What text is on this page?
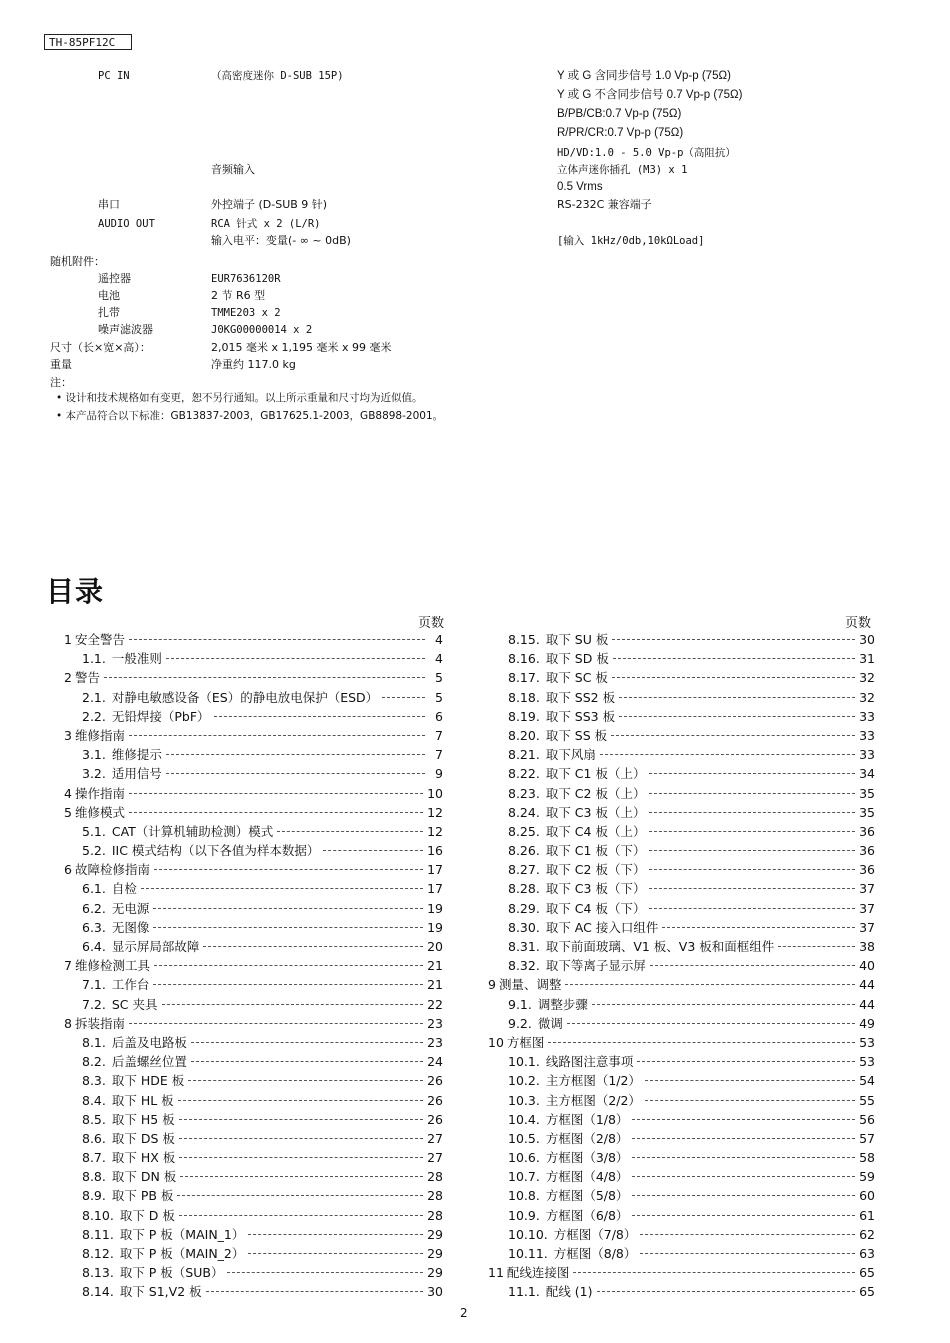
TH-85PF12C
PC IN	（高密度迷你 D-SUB 15P)	Y 或 G 含同步信号 1.0 Vp-p (75Ω)
Y 或 G 不含同步信号 0.7 Vp-p (75Ω)
B/PB/CB:0.7 Vp-p (75Ω)
R/PR/CR:0.7 Vp-p (75Ω)
HD/VD:1.0 - 5.0 Vp-p（高阻抗）
音频输入	立体声迷你插孔 (M3) x 1
0.5 Vrms
串口	外控端子 (D-SUB 9 针)	RS-232C 兼容端子
AUDIO OUT	RCA 针式 x 2 (L/R)
输入电平：变量(- ∞ ~ 0dB)	[输入 1kHz/0db,10kΩLoad]
随机附件：
遥控器	EUR7636120R
电池	2 节 R6 型
扎带	TMME203 x 2
噪声滤波器	J0KG00000014 x 2
尺寸（长×宽×高）：	2,015 毫米 x 1,195 毫米 x 99 毫米
重量	净重约 117.0 kg
注：
• 设计和技术规格如有变更，恕不另行通知。以上所示重量和尺寸均为近似值。
• 本产品符合以下标准：GB13837-2003，GB17625.1-2003，GB8898-2001。
目录
页数	页数
1 安全警告	4
1.1. 一般准则	4
2 警告	5
2.1. 对静电敏感设备（ES）的静电放电保护（ESD）	5
2.2. 无铅焊接（PbF）	6
3 维修指南	7
3.1. 维修提示	7
3.2. 适用信号	9
4 操作指南	10
5 维修模式	12
5.1. CAT（计算机辅助检测）模式	12
5.2. IIC 模式结构（以下各值为样本数据）	16
6 故障检修指南	17
6.1. 自检	17
6.2. 无电源	19
6.3. 无图像	19
6.4. 显示屏局部故障	20
7 维修检测工具	21
7.1. 工作台	21
7.2. SC 夹具	22
8 拆装指南	23
8.1. 后盖及电路板	23
8.2. 后盖螺丝位置	24
8.3. 取下 HDE 板	26
8.4. 取下 HL 板	26
8.5. 取下 H5 板	26
8.6. 取下 DS 板	27
8.7. 取下 HX 板	27
8.8. 取下 DN 板	28
8.9. 取下 PB 板	28
8.10. 取下 D 板	28
8.11. 取下 P 板（MAIN_1）	29
8.12. 取下 P 板（MAIN_2）	29
8.13. 取下 P 板（SUB）	29
8.14. 取下 S1,V2 板	30
8.15. 取下 SU 板	30
8.16. 取下 SD 板	31
8.17. 取下 SC 板	32
8.18. 取下 SS2 板	32
8.19. 取下 SS3 板	33
8.20. 取下 SS 板	33
8.21. 取下风扇	33
8.22. 取下 C1 板（上）	34
8.23. 取下 C2 板（上）	35
8.24. 取下 C3 板（上）	35
8.25. 取下 C4 板（上）	36
8.26. 取下 C1 板（下）	36
8.27. 取下 C2 板（下）	36
8.28. 取下 C3 板（下）	37
8.29. 取下 C4 板（下）	37
8.30. 取下 AC 接入口组件	37
8.31. 取下前面玻璃、V1 板、V3 板和面框组件	38
8.32. 取下等离子显示屏	40
9 测量、调整	44
9.1. 调整步骤	44
9.2. 微调	49
10 方框图	53
10.1. 线路图注意事项	53
10.2. 主方框图（1/2）	54
10.3. 主方框图（2/2）	55
10.4. 方框图（1/8）	56
10.5. 方框图（2/8）	57
10.6. 方框图（3/8）	58
10.7. 方框图（4/8）	59
10.8. 方框图（5/8）	60
10.9. 方框图（6/8）	61
10.10. 方框图（7/8）	62
10.11. 方框图（8/8）	63
11 配线连接图	65
11.1. 配线 (1)	65
2
